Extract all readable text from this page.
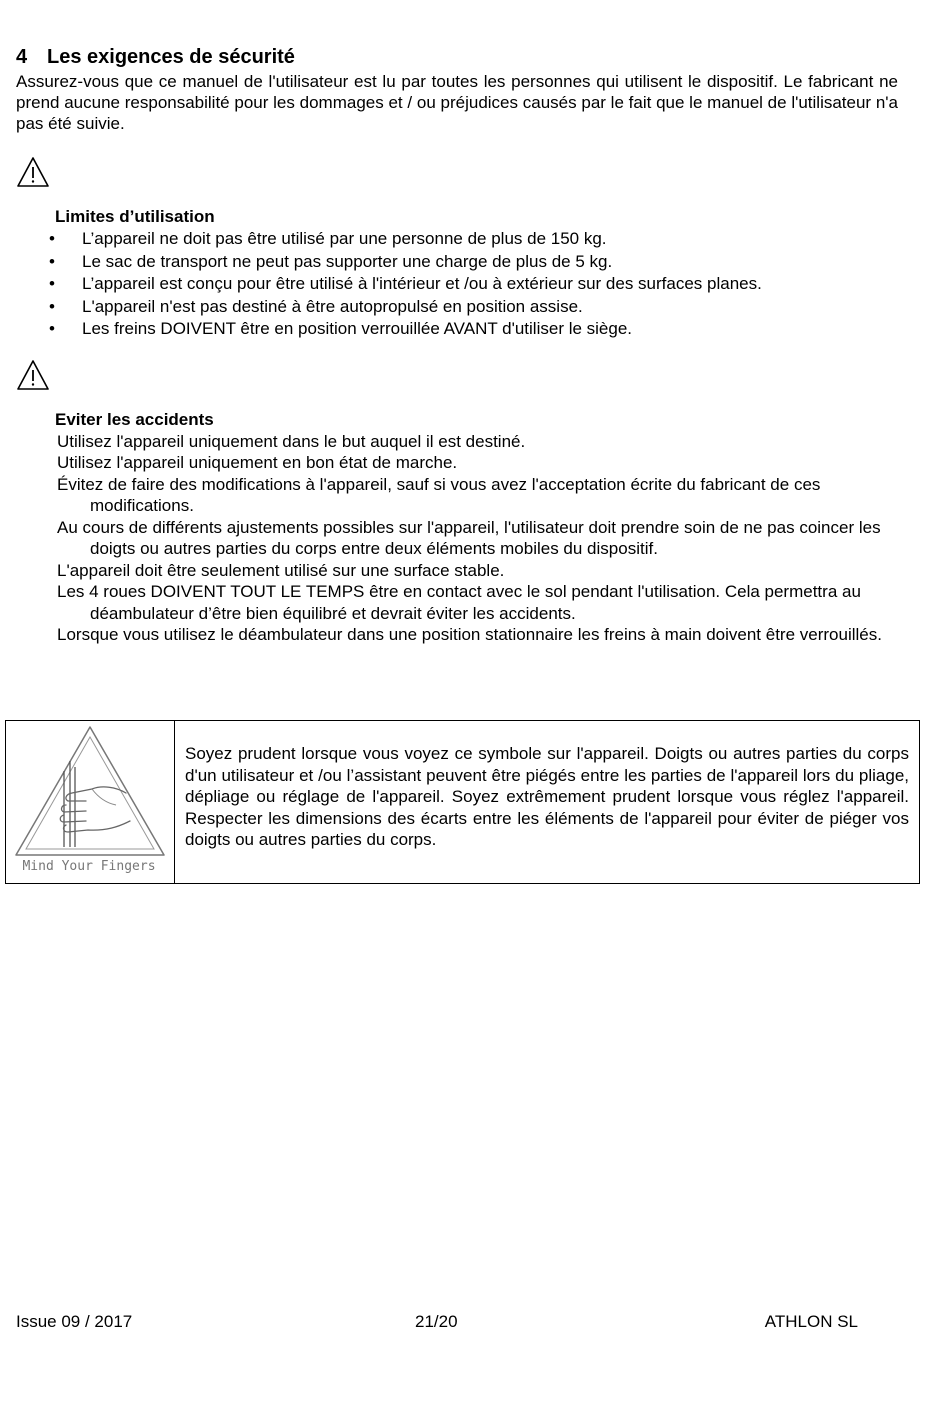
4 Les exigences de sécurité

Assurez-vous que ce manuel de l'utilisateur est lu par toutes les personnes qui utilisent le dispositif. Le fabricant ne prend aucune responsabilité pour les dommages et / ou préjudices causés par le fait que le manuel de l'utilisateur n'a pas été suivie.

Limites d’utilisation
• L’appareil ne doit pas être utilisé par une personne de plus de 150 kg.
• Le sac de transport ne peut pas supporter une charge de plus de 5 kg.
• L’appareil est conçu pour être utilisé à l'intérieur et /ou à extérieur sur des surfaces planes.
• L'appareil n'est pas destiné à être autopropulsé en position assise.
• Les freins DOIVENT être en position verrouillée AVANT d'utiliser le siège.
Eviter les accidents
Utilisez l'appareil uniquement dans le but auquel il est destiné.
Utilisez l'appareil uniquement en bon état de marche.
Évitez de faire des modifications à l'appareil, sauf si vous avez l'acceptation écrite du fabricant de ces modifications.
Au cours de différents ajustements possibles sur l'appareil, l'utilisateur doit prendre soin de ne pas coincer les doigts ou autres parties du corps entre deux éléments mobiles du dispositif.
L'appareil doit être seulement utilisé sur une surface stable.
Les 4 roues DOIVENT TOUT LE TEMPS être en contact avec le sol pendant l'utilisation. Cela permettra au déambulateur d’être bien équilibré et devrait éviter les accidents.
Lorsque vous utilisez le déambulateur dans une position stationnaire les freins à main doivent être verrouillés.
Mind Your Fingers
Soyez prudent lorsque vous voyez ce symbole sur l'appareil. Doigts ou autres parties du corps d'un utilisateur et /ou l’assistant peuvent être piégés entre les parties de l'appareil lors du pliage, dépliage ou réglage de l'appareil. Soyez extrêmement prudent lorsque vous réglez l'appareil. Respecter les dimensions des écarts entre les éléments de l'appareil pour éviter de piéger vos doigts ou autres parties du corps.
Issue 09 / 2017	21/20	ATHLON SL
